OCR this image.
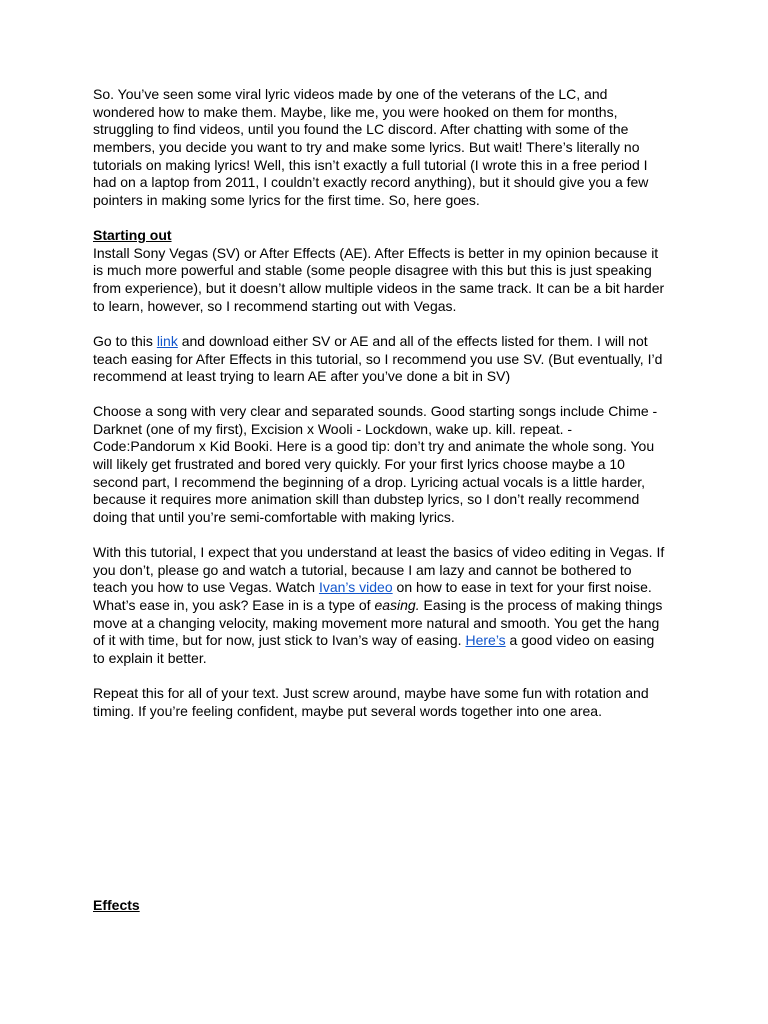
So. You’ve seen some viral lyric videos made by one of the veterans of the LC, and
wondered how to make them. Maybe, like me, you were hooked on them for months,
struggling to find videos, until you found the LC discord. After chatting with some of the
members, you decide you want to try and make some lyrics. But wait! There’s literally no
tutorials on making lyrics! Well, this isn’t exactly a full tutorial (I wrote this in a free period I
had on a laptop from 2011, I couldn’t exactly record anything), but it should give you a few
pointers in making some lyrics for the first time. So, here goes.
Starting out
Install Sony Vegas (SV) or After Effects (AE). After Effects is better in my opinion because it
is much more powerful and stable (some people disagree with this but this is just speaking
from experience), but it doesn’t allow multiple videos in the same track. It can be a bit harder
to learn, however, so I recommend starting out with Vegas.
Go to this link and download either SV or AE and all of the effects listed for them. I will not
teach easing for After Effects in this tutorial, so I recommend you use SV. (But eventually, I’d
recommend at least trying to learn AE after you’ve done a bit in SV)
Choose a song with very clear and separated sounds. Good starting songs include Chime -
Darknet (one of my first), Excision x Wooli - Lockdown, wake up. kill. repeat. -
Code:Pandorum x Kid Booki. Here is a good tip: don’t try and animate the whole song. You
will likely get frustrated and bored very quickly. For your first lyrics choose maybe a 10
second part, I recommend the beginning of a drop. Lyricing actual vocals is a little harder,
because it requires more animation skill than dubstep lyrics, so I don’t really recommend
doing that until you’re semi-comfortable with making lyrics.
With this tutorial, I expect that you understand at least the basics of video editing in Vegas. If
you don’t, please go and watch a tutorial, because I am lazy and cannot be bothered to
teach you how to use Vegas. Watch Ivan’s video on how to ease in text for your first noise.
What’s ease in, you ask? Ease in is a type of easing. Easing is the process of making things
move at a changing velocity, making movement more natural and smooth. You get the hang
of it with time, but for now, just stick to Ivan’s way of easing. Here’s a good video on easing
to explain it better.
Repeat this for all of your text. Just screw around, maybe have some fun with rotation and
timing. If you’re feeling confident, maybe put several words together into one area.
Effects
